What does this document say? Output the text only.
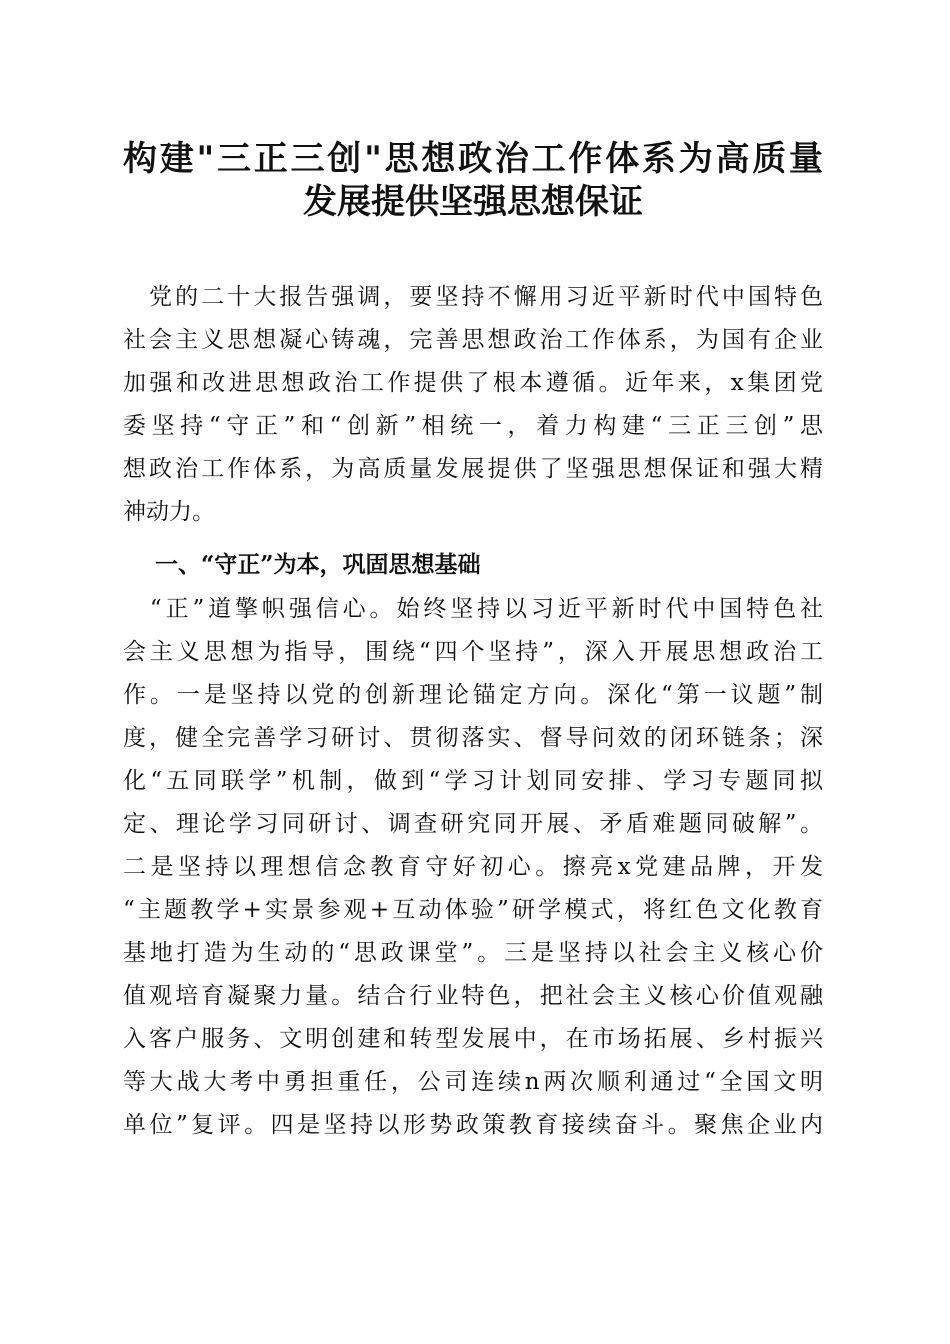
构建"三正三创"思想政治工作体系为高质量
发展提供坚强思想保证
　党的二十大报告强调，要坚持不懈用习近平新时代中国特色
社会主义思想凝心铸魂，完善思想政治工作体系，为国有企业
加强和改进思想政治工作提供了根本遵循。近年来，x集团党
委坚持“守正”和“创新”相统一，着力构建“三正三创”思
想政治工作体系，为高质量发展提供了坚强思想保证和强大精
神动力。
一、“守正”为本，巩固思想基础
　“正”道擎帜强信心。始终坚持以习近平新时代中国特色社
会主义思想为指导，围绕“四个坚持”，深入开展思想政治工
作。一是坚持以党的创新理论锚定方向。深化“第一议题”制
度，健全完善学习研讨、贯彻落实、督导问效的闭环链条；深
化“五同联学”机制，做到“学习计划同安排、学习专题同拟
定、理论学习同研讨、调查研究同开展、矛盾难题同破解”。
二是坚持以理想信念教育守好初心。擦亮x党建品牌，开发
“主题教学+实景参观+互动体验”研学模式，将红色文化教育
基地打造为生动的“思政课堂”。三是坚持以社会主义核心价
值观培育凝聚力量。结合行业特色，把社会主义核心价值观融
入客户服务、文明创建和转型发展中，在市场拓展、乡村振兴
等大战大考中勇担重任，公司连续n两次顺利通过“全国文明
单位”复评。四是坚持以形势政策教育接续奋斗。聚焦企业内
